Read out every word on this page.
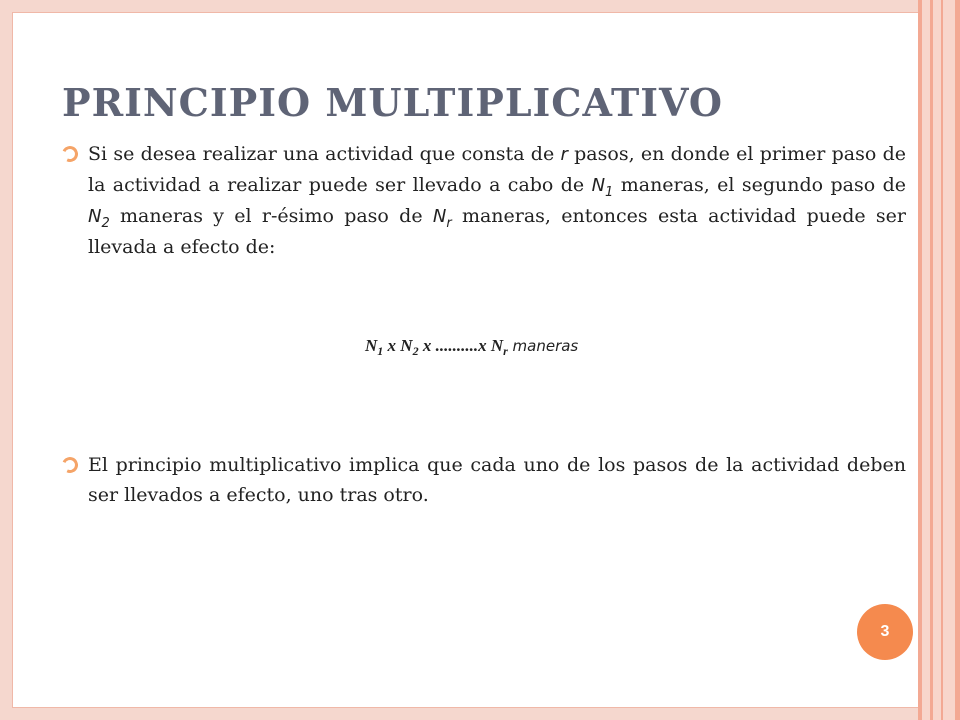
PRINCIPIO MULTIPLICATIVO

Si se desea realizar una actividad que consta de r pasos, en donde el primer paso de la actividad a realizar puede ser llevado a cabo de $N_1$ maneras, el segundo paso de $N_2$ maneras y el r-ésimo paso de $N_r$ maneras, entonces esta actividad puede ser llevada a efecto de:

$N_1$ x $N_2$ x ..........x $N_r$ maneras

El principio multiplicativo implica que cada uno de los pasos de la actividad deben ser llevados a efecto, uno tras otro.

3
